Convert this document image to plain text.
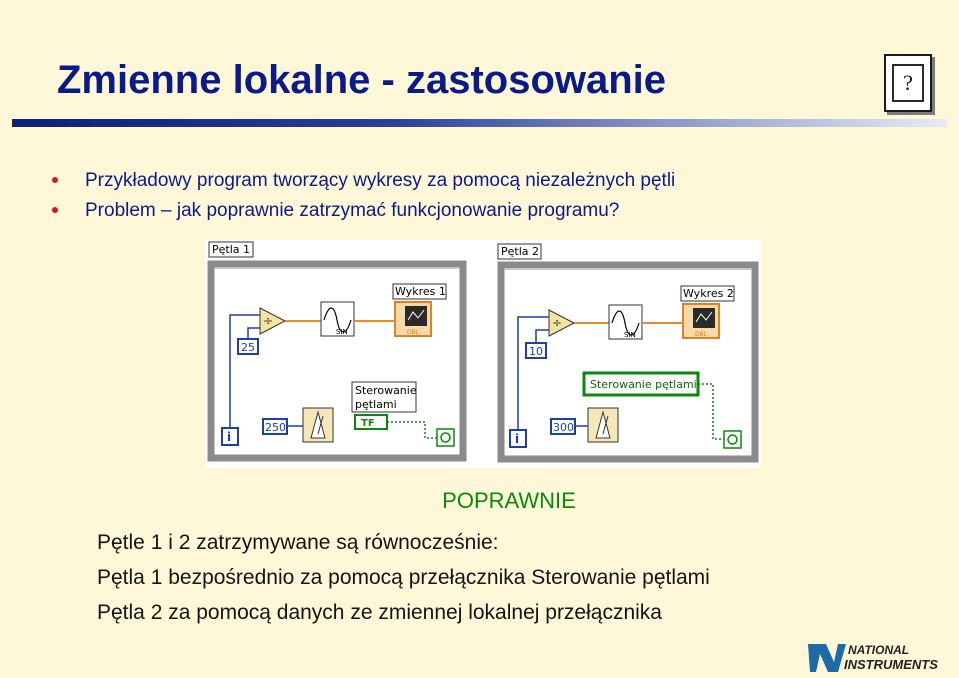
Zmienne lokalne - zastosowanie	?
Przykładowy program tworzący wykresy za pomocą niezależnych pętli
Problem – jak poprawnie zatrzymać funkcjonowanie programu?
Pętla 1
i
25
÷
SIN
Wykres 1
DBL
Sterowanie
pętlami
TF
250
Pętla 2
i
10
÷
SIN
Wykres 2
DBL
Sterowanie pętlami
300
POPRAWNIE
Pętle 1 i 2 zatrzymywane są równocześnie:
Pętla 1 bezpośrednio za pomocą przełącznika Sterowanie pętlami
Pętla 2 za pomocą danych ze zmiennej lokalnej przełącznika
NATIONAL
INSTRUMENTS
